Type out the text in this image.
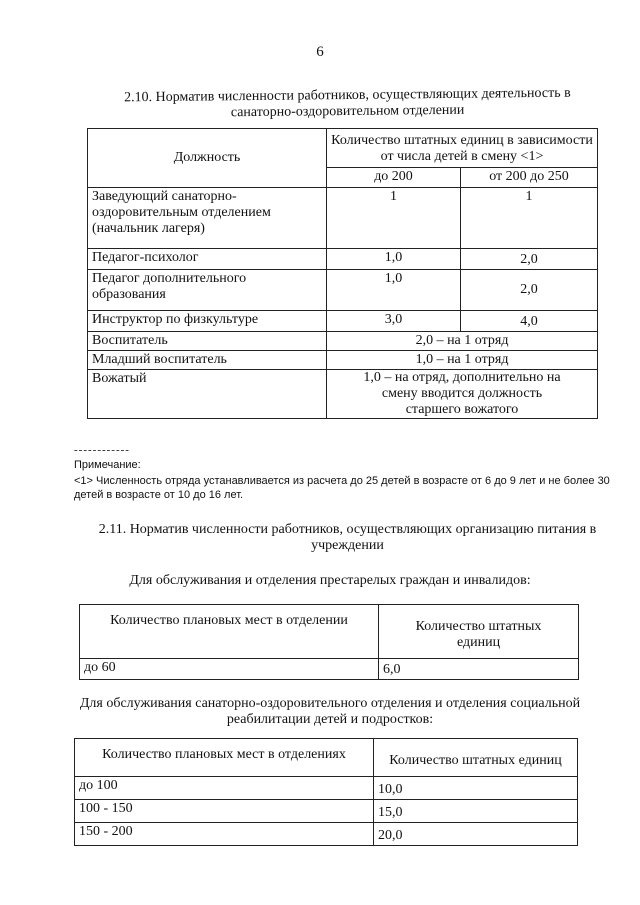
6
2.10. Норматив численности работников, осуществляющих деятельность в санаторно-оздоровительном отделении
Должность	Количество штатных единиц в зависимости от числа детей в смену <1>	
	до 200	от 200 до 250
Заведующий санаторно-оздоровительным отделением (начальник лагеря)	1	1
Педагог-психолог	1,0	2,0
Педагог дополнительного образования	1,0	2,0
Инструктор по физкультуре	3,0	4,0
Воспитатель	2,0 – на 1 отряд	
Младший воспитатель	1,0 – на 1 отряд	
Вожатый	1,0 – на отряд, дополнительно на смену вводится должность старшего вожатого	
------------
Примечание:
<1> Численность отряда устанавливается из расчета до 25 детей в возрасте от 6 до 9 лет и не более 30 детей в возрасте от 10 до 16 лет.
2.11. Норматив численности работников, осуществляющих организацию питания в учреждении
Для обслуживания и отделения престарелых граждан и инвалидов:
Количество плановых мест в отделении	Количество штатных единиц
до 60	6,0
Для обслуживания санаторно-оздоровительного отделения и отделения социальной реабилитации детей и подростков:
Количество плановых мест в отделениях	Количество штатных единиц
до 100	10,0
100 - 150	15,0
150 - 200	20,0
